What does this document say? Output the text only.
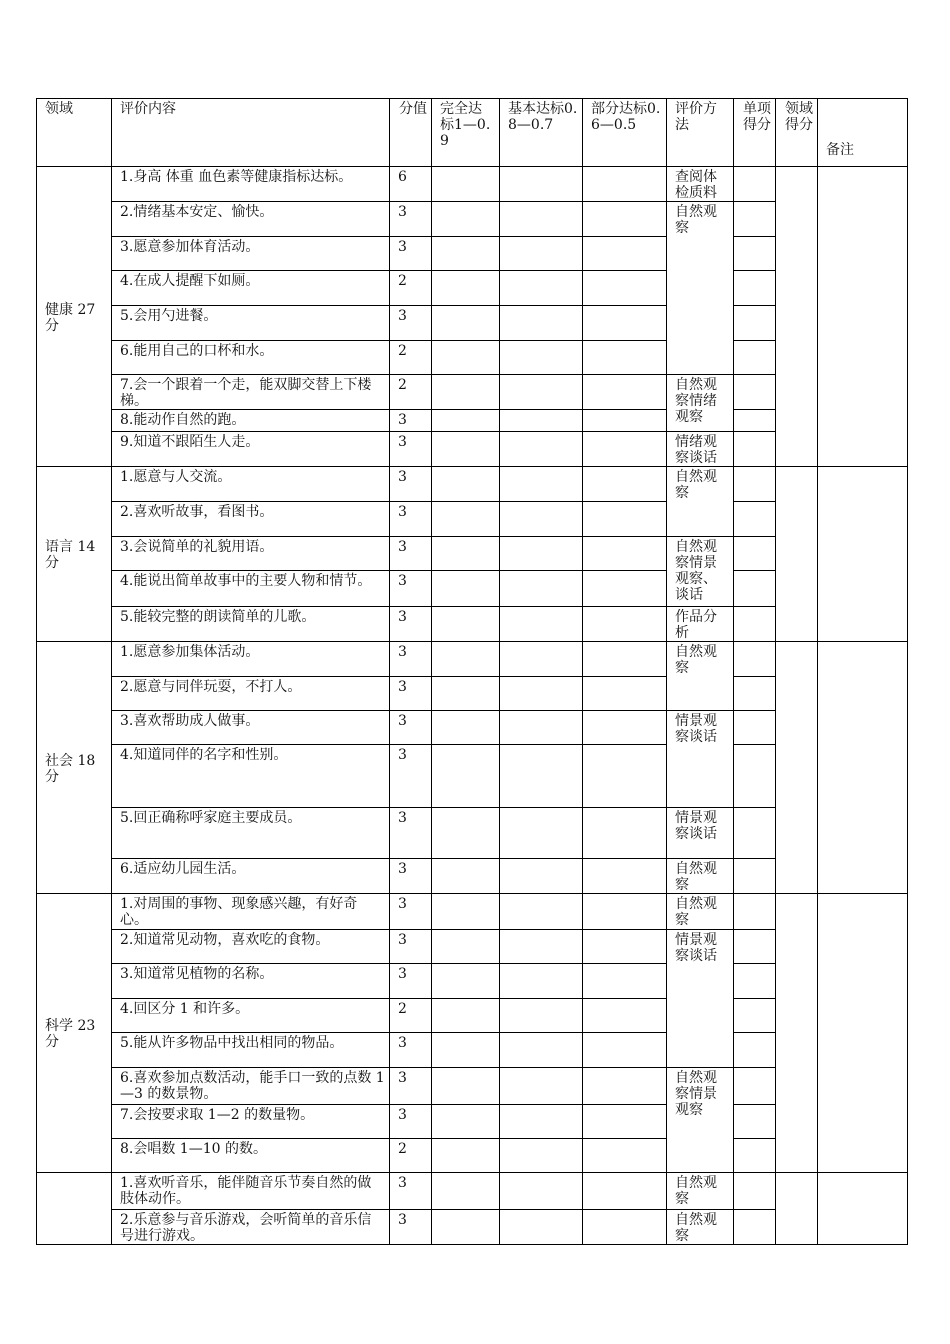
领域	评价内容	分值	完全达标1—0.9	基本达标0.8—0.7	部分达标0.6—0.5	评价方法	单项得分	领域得分	备注
健康 27 分	1.身高 体重 血色素等健康指标达标。	6				查阅体检质料			
	2.情绪基本安定、愉快。	3				自然观察			
	3.愿意参加体育活动。	3							
	4.在成人提醒下如厕。	2							
	5.会用勺进餐。	3							
	6.能用自己的口杯和水。	2							
	7.会一个跟着一个走，能双脚交替上下楼梯。	2				自然观察情绪观察			
	8.能动作自然的跑。	3							
	9.知道不跟陌生人走。	3				情绪观察谈话			
语言 14 分	1.愿意与人交流。	3				自然观察			
	2.喜欢听故事，看图书。	3							
	3.会说简单的礼貌用语。	3				自然观察情景观察、谈话			
	4.能说出简单故事中的主要人物和情节。	3							
	5.能较完整的朗读简单的儿歌。	3				作品分析			
社会 18 分	1.愿意参加集体活动。	3				自然观察			
	2.愿意与同伴玩耍，不打人。	3							
	3.喜欢帮助成人做事。	3				情景观察谈话			
	4.知道同伴的名字和性别。	3							
	5.回正确称呼家庭主要成员。	3				情景观察谈话			
	6.适应幼儿园生活。	3				自然观察			
科学 23 分	1.对周围的事物、现象感兴趣，有好奇心。	3				自然观察			
	2.知道常见动物，喜欢吃的食物。	3				情景观察谈话			
	3.知道常见植物的名称。	3							
	4.回区分 1 和许多。	2							
	5.能从许多物品中找出相同的物品。	3							
	6.喜欢参加点数活动，能手口一致的点数 1—3 的数景物。	3				自然观察情景观察			
	7.会按要求取 1—2 的数量物。	3							
	8.会唱数 1—10 的数。	2							
	1.喜欢听音乐，能伴随音乐节奏自然的做肢体动作。	3				自然观察			
	2.乐意参与音乐游戏，会听简单的音乐信号进行游戏。	3				自然观察			
